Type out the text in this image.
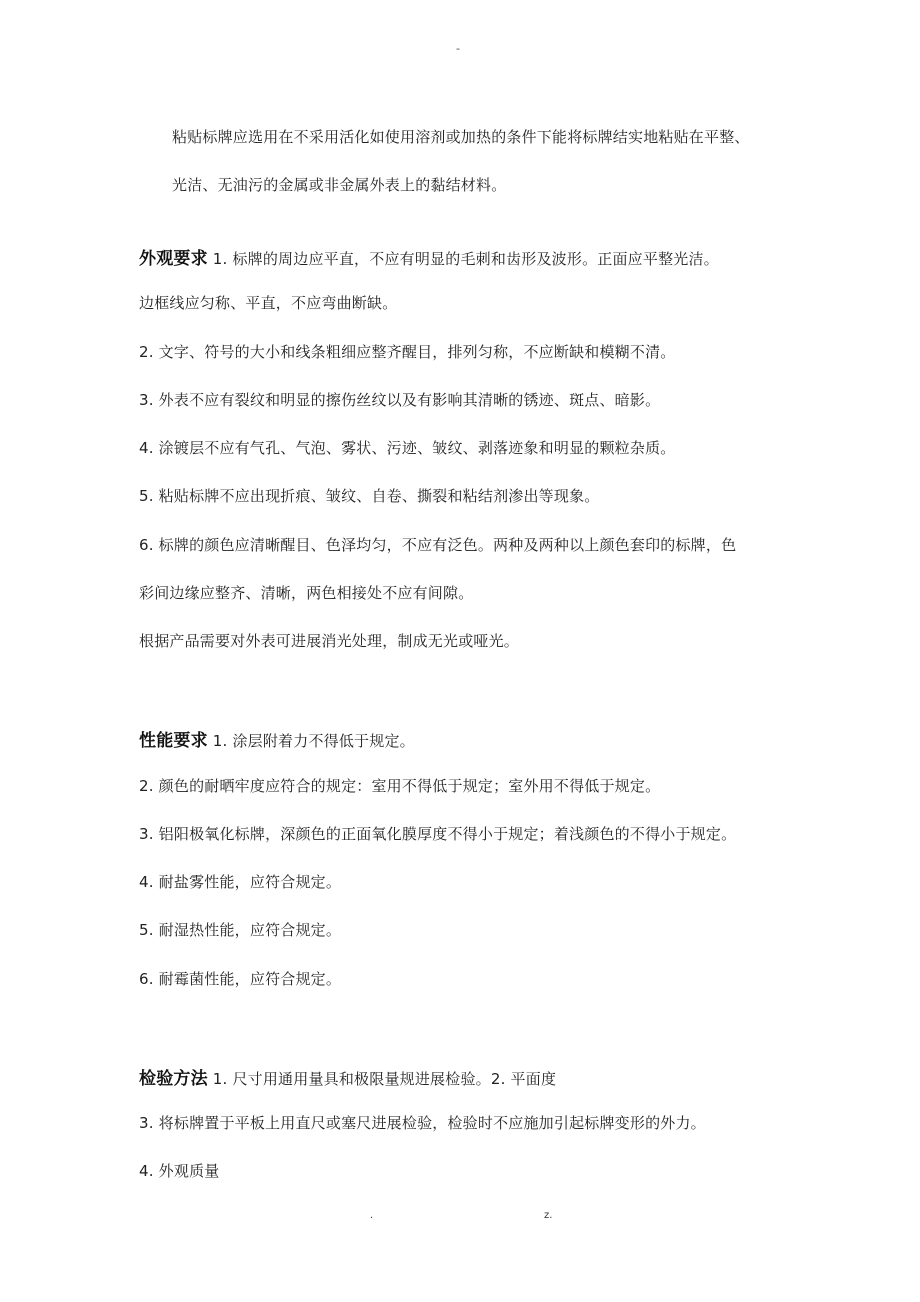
-
粘贴标牌应选用在不采用活化如使用溶剂或加热的条件下能将标牌结实地粘贴在平整、
光洁、无油污的金属或非金属外表上的黏结材料。
外观要求 1. 标牌的周边应平直，不应有明显的毛刺和齿形及波形。正面应平整光洁。
边框线应匀称、平直，不应弯曲断缺。
2. 文字、符号的大小和线条粗细应整齐醒目，排列匀称，不应断缺和模糊不清。
3. 外表不应有裂纹和明显的擦伤丝纹以及有影响其清晰的锈迹、斑点、暗影。
4. 涂镀层不应有气孔、气泡、雾状、污迹、皱纹、剥落迹象和明显的颗粒杂质。
5. 粘贴标牌不应出现折痕、皱纹、自卷、撕裂和粘结剂渗出等现象。
6. 标牌的颜色应清晰醒目、色泽均匀，不应有泛色。两种及两种以上颜色套印的标牌，色
彩间边缘应整齐、清晰，两色相接处不应有间隙。
根据产品需要对外表可进展消光处理，制成无光或哑光。
性能要求 1. 涂层附着力不得低于规定。
2. 颜色的耐晒牢度应符合的规定：室用不得低于规定；室外用不得低于规定。
3. 铝阳极氧化标牌，深颜色的正面氧化膜厚度不得小于规定；着浅颜色的不得小于规定。
4. 耐盐雾性能，应符合规定。
5. 耐湿热性能，应符合规定。
6. 耐霉菌性能，应符合规定。
检验方法 1. 尺寸用通用量具和极限量规进展检验。2. 平面度
3. 将标牌置于平板上用直尺或塞尺进展检验，检验时不应施加引起标牌变形的外力。
4. 外观质量
.	z.
